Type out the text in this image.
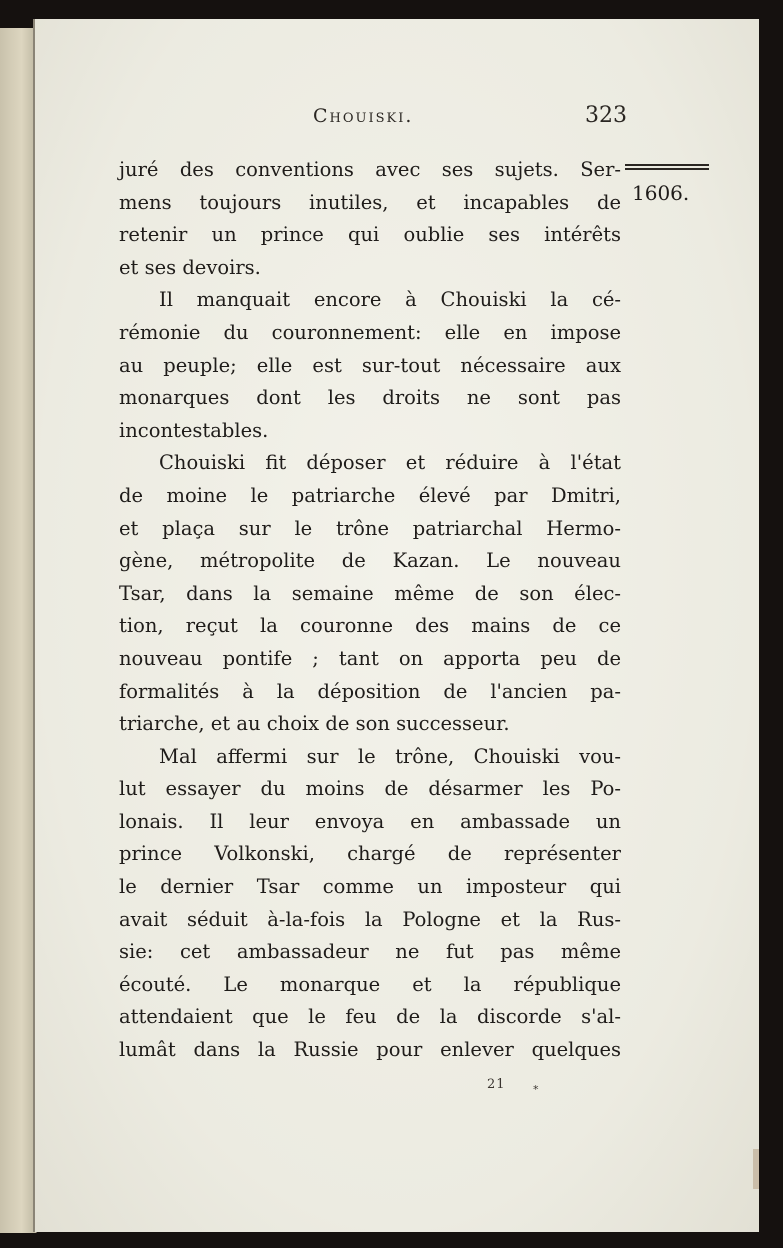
Chouiski.	323
1606.
juré des conventions avec ses sujets. Ser-
mens toujours inutiles, et incapables de
retenir un prince qui oublie ses intérêts
et ses devoirs.
Il manquait encore à Chouiski la cé-
rémonie du couronnement: elle en impose
au peuple; elle est sur-tout nécessaire aux
monarques dont les droits ne sont pas
incontestables.
Chouiski fit déposer et réduire à l'état
de moine le patriarche élevé par Dmitri,
et plaça sur le trône patriarchal Hermo-
gène, métropolite de Kazan. Le nouveau
Tsar, dans la semaine même de son élec-
tion, reçut la couronne des mains de ce
nouveau pontife ; tant on apporta peu de
formalités à la déposition de l'ancien pa-
triarche, et au choix de son successeur.
Mal affermi sur le trône, Chouiski vou-
lut essayer du moins de désarmer les Po-
lonais. Il leur envoya en ambassade un
prince Volkonski, chargé de représenter
le dernier Tsar comme un imposteur qui
avait séduit à-la-fois la Pologne et la Rus-
sie: cet ambassadeur ne fut pas même
écouté. Le monarque et la république
attendaient que le feu de la discorde s'al-
lumât dans la Russie pour enlever quelques
21 *
